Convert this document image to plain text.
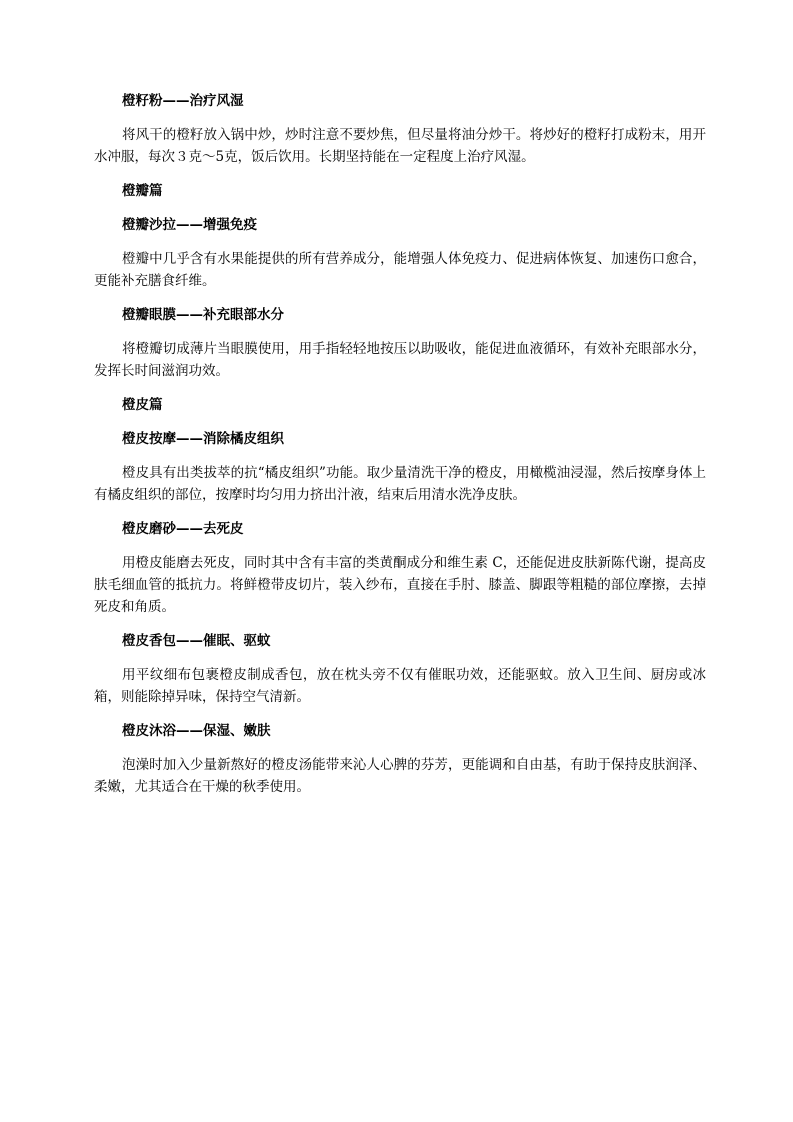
橙籽粉——治疗风湿

将风干的橙籽放入锅中炒，炒时注意不要炒焦，但尽量将油分炒干。将炒好的橙籽打成粉末，用开水冲服，每次３克～5克，饭后饮用。长期坚持能在一定程度上治疗风湿。

橙瓣篇

橙瓣沙拉——增强免疫

橙瓣中几乎含有水果能提供的所有营养成分，能增强人体免疫力、促进病体恢复、加速伤口愈合，更能补充膳食纤维。

橙瓣眼膜——补充眼部水分

将橙瓣切成薄片当眼膜使用，用手指轻轻地按压以助吸收，能促进血液循环，有效补充眼部水分，发挥长时间滋润功效。

橙皮篇

橙皮按摩——消除橘皮组织

橙皮具有出类拔萃的抗“橘皮组织”功能。取少量清洗干净的橙皮，用橄榄油浸湿，然后按摩身体上有橘皮组织的部位，按摩时均匀用力挤出汁液，结束后用清水洗净皮肤。

橙皮磨砂——去死皮

用橙皮能磨去死皮，同时其中含有丰富的类黄酮成分和维生素 C，还能促进皮肤新陈代谢，提高皮肤毛细血管的抵抗力。将鲜橙带皮切片，装入纱布，直接在手肘、膝盖、脚跟等粗糙的部位摩擦，去掉死皮和角质。

橙皮香包——催眠、驱蚊

用平纹细布包裹橙皮制成香包，放在枕头旁不仅有催眠功效，还能驱蚊。放入卫生间、厨房或冰箱，则能除掉异味，保持空气清新。

橙皮沐浴——保湿、嫩肤

泡澡时加入少量新熬好的橙皮汤能带来沁人心脾的芬芳，更能调和自由基，有助于保持皮肤润泽、柔嫩，尤其适合在干燥的秋季使用。
